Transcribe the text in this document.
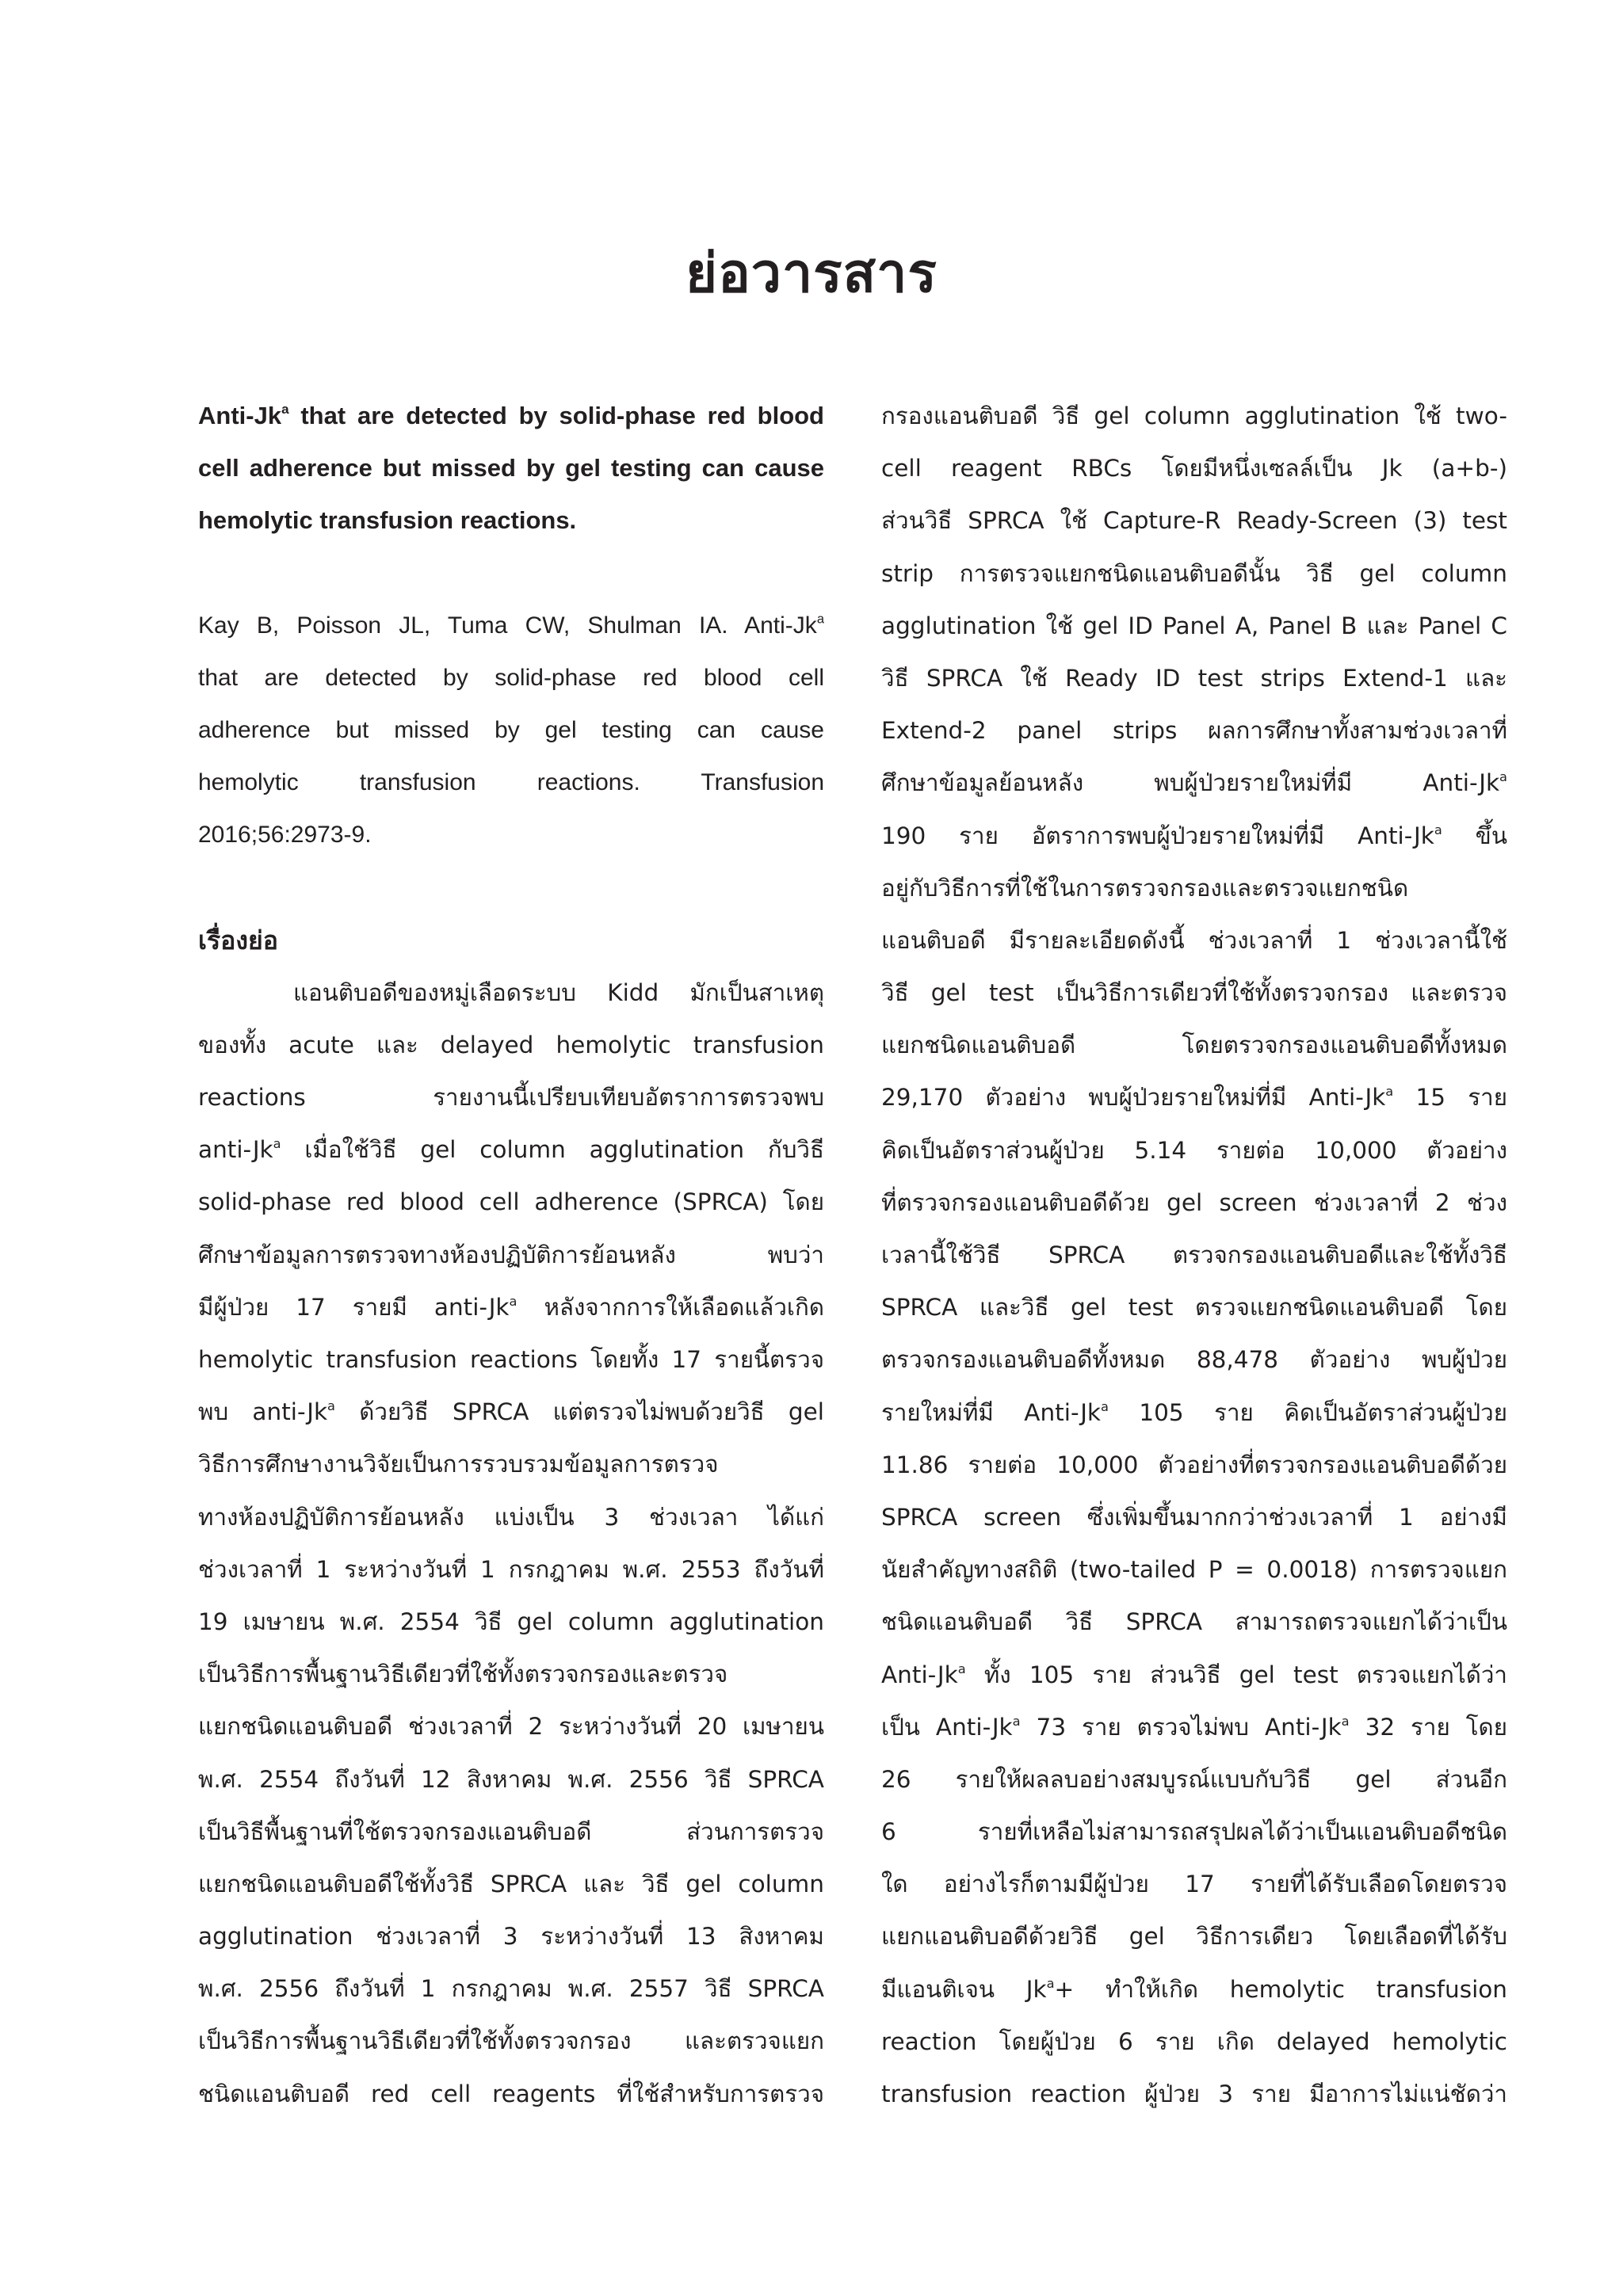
ย่อวารสาร
Anti-Jk$^a$ that are detected by solid-phase red blood
cell adherence but missed by gel testing can cause
hemolytic transfusion reactions.
Kay B, Poisson JL, Tuma CW, Shulman IA. Anti-Jk$^a$
that are detected by solid-phase red blood cell
adherence but missed by gel testing can cause
hemolytic transfusion reactions. Transfusion
2016;56:2973-9.
เรื่องย่อ
แอนติบอดีของหมู่เลือดระบบ Kidd มักเป็นสาเหตุ
ของทั้ง acute และ delayed hemolytic transfusion
reactions รายงานนี้เปรียบเทียบอัตราการตรวจพบ
anti-Jk$^a$ เมื่อใช้วิธี gel column agglutination กับวิธี
solid-phase red blood cell adherence (SPRCA) โดย
ศึกษาข้อมูลการตรวจทางห้องปฏิบัติการย้อนหลัง พบว่า
มีผู้ป่วย 17 รายมี anti-Jk$^a$ หลังจากการให้เลือดแล้วเกิด
hemolytic transfusion reactions โดยทั้ง 17 รายนี้ตรวจ
พบ anti-Jk$^a$ ด้วยวิธี SPRCA แต่ตรวจไม่พบด้วยวิธี gel
วิธีการศึกษางานวิจัยเป็นการรวบรวมข้อมูลการตรวจ
ทางห้องปฏิบัติการย้อนหลัง แบ่งเป็น 3 ช่วงเวลา ได้แก่
ช่วงเวลาที่ 1 ระหว่างวันที่ 1 กรกฎาคม พ.ศ. 2553 ถึงวันที่
19 เมษายน พ.ศ. 2554 วิธี gel column agglutination
เป็นวิธีการพื้นฐานวิธีเดียวที่ใช้ทั้งตรวจกรองและตรวจ
แยกชนิดแอนติบอดี ช่วงเวลาที่ 2 ระหว่างวันที่ 20 เมษายน
พ.ศ. 2554 ถึงวันที่ 12 สิงหาคม พ.ศ. 2556 วิธี SPRCA
เป็นวิธีพื้นฐานที่ใช้ตรวจกรองแอนติบอดี ส่วนการตรวจ
แยกชนิดแอนติบอดีใช้ทั้งวิธี SPRCA และ วิธี gel column
agglutination ช่วงเวลาที่ 3 ระหว่างวันที่ 13 สิงหาคม
พ.ศ. 2556 ถึงวันที่ 1 กรกฎาคม พ.ศ. 2557 วิธี SPRCA
เป็นวิธีการพื้นฐานวิธีเดียวที่ใช้ทั้งตรวจกรอง และตรวจแยก
ชนิดแอนติบอดี red cell reagents ที่ใช้สำหรับการตรวจ
กรองแอนติบอดี วิธี gel column agglutination ใช้ two-
cell reagent RBCs โดยมีหนึ่งเซลล์เป็น Jk (a+b-)
ส่วนวิธี SPRCA ใช้ Capture-R Ready-Screen (3) test
strip การตรวจแยกชนิดแอนติบอดีนั้น วิธี gel column
agglutination ใช้ gel ID Panel A, Panel B และ Panel C
วิธี SPRCA ใช้ Ready ID test strips Extend-1 และ
Extend-2 panel strips ผลการศึกษาทั้งสามช่วงเวลาที่
ศึกษาข้อมูลย้อนหลัง พบผู้ป่วยรายใหม่ที่มี Anti-Jk$^a$
190 ราย อัตราการพบผู้ป่วยรายใหม่ที่มี Anti-Jk$^a$ ขึ้น
อยู่กับวิธีการที่ใช้ในการตรวจกรองและตรวจแยกชนิด
แอนติบอดี มีรายละเอียดดังนี้ ช่วงเวลาที่ 1 ช่วงเวลานี้ใช้
วิธี gel test เป็นวิธีการเดียวที่ใช้ทั้งตรวจกรอง และตรวจ
แยกชนิดแอนติบอดี โดยตรวจกรองแอนติบอดีทั้งหมด
29,170 ตัวอย่าง พบผู้ป่วยรายใหม่ที่มี Anti-Jk$^a$ 15 ราย
คิดเป็นอัตราส่วนผู้ป่วย 5.14 รายต่อ 10,000 ตัวอย่าง
ที่ตรวจกรองแอนติบอดีด้วย gel screen ช่วงเวลาที่ 2 ช่วง
เวลานี้ใช้วิธี SPRCA ตรวจกรองแอนติบอดีและใช้ทั้งวิธี
SPRCA และวิธี gel test ตรวจแยกชนิดแอนติบอดี โดย
ตรวจกรองแอนติบอดีทั้งหมด 88,478 ตัวอย่าง พบผู้ป่วย
รายใหม่ที่มี Anti-Jk$^a$ 105 ราย คิดเป็นอัตราส่วนผู้ป่วย
11.86 รายต่อ 10,000 ตัวอย่างที่ตรวจกรองแอนติบอดีด้วย
SPRCA screen ซึ่งเพิ่มขึ้นมากกว่าช่วงเวลาที่ 1 อย่างมี
นัยสำคัญทางสถิติ (two-tailed P = 0.0018) การตรวจแยก
ชนิดแอนติบอดี วิธี SPRCA สามารถตรวจแยกได้ว่าเป็น
Anti-Jk$^a$ ทั้ง 105 ราย ส่วนวิธี gel test ตรวจแยกได้ว่า
เป็น Anti-Jk$^a$ 73 ราย ตรวจไม่พบ Anti-Jk$^a$ 32 ราย โดย
26 รายให้ผลลบอย่างสมบูรณ์แบบกับวิธี gel ส่วนอีก
6 รายที่เหลือไม่สามารถสรุปผลได้ว่าเป็นแอนติบอดีชนิด
ใด อย่างไรก็ตามมีผู้ป่วย 17 รายที่ได้รับเลือดโดยตรวจ
แยกแอนติบอดีด้วยวิธี gel วิธีการเดียว โดยเลือดที่ได้รับ
มีแอนติเจน $Jk^a+$ ทำให้เกิด hemolytic transfusion
reaction โดยผู้ป่วย 6 ราย เกิด delayed hemolytic
transfusion reaction ผู้ป่วย 3 ราย มีอาการไม่แน่ชัดว่า
